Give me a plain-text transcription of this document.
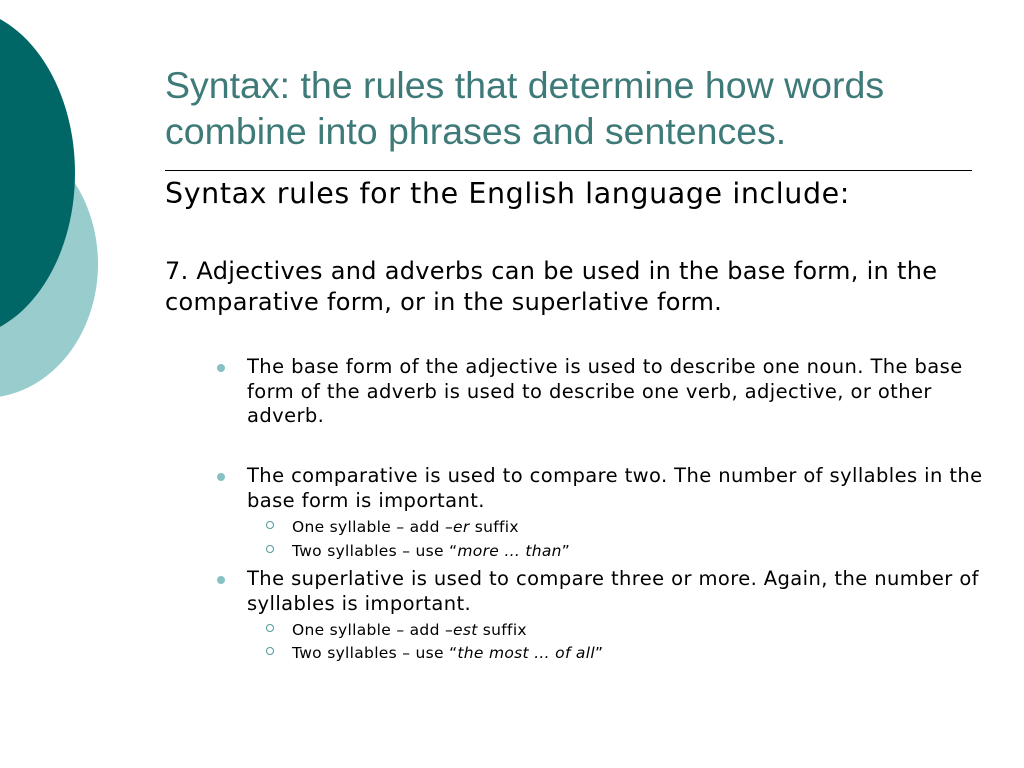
Syntax: the rules that determine how words combine into phrases and sentences.
Syntax rules for the English language include:

7. Adjectives and adverbs can be used in the base form, in the comparative form, or in the superlative form.

The base form of the adjective is used to describe one noun. The base form of the adverb is used to describe one verb, adjective, or other adverb.

The comparative is used to compare two. The number of syllables in the base form is important.

One syllable – add –er suffix

Two syllables – use “more … than”

The superlative is used to compare three or more. Again, the number of syllables is important.

One syllable – add –est suffix

Two syllables – use “the most … of all”
